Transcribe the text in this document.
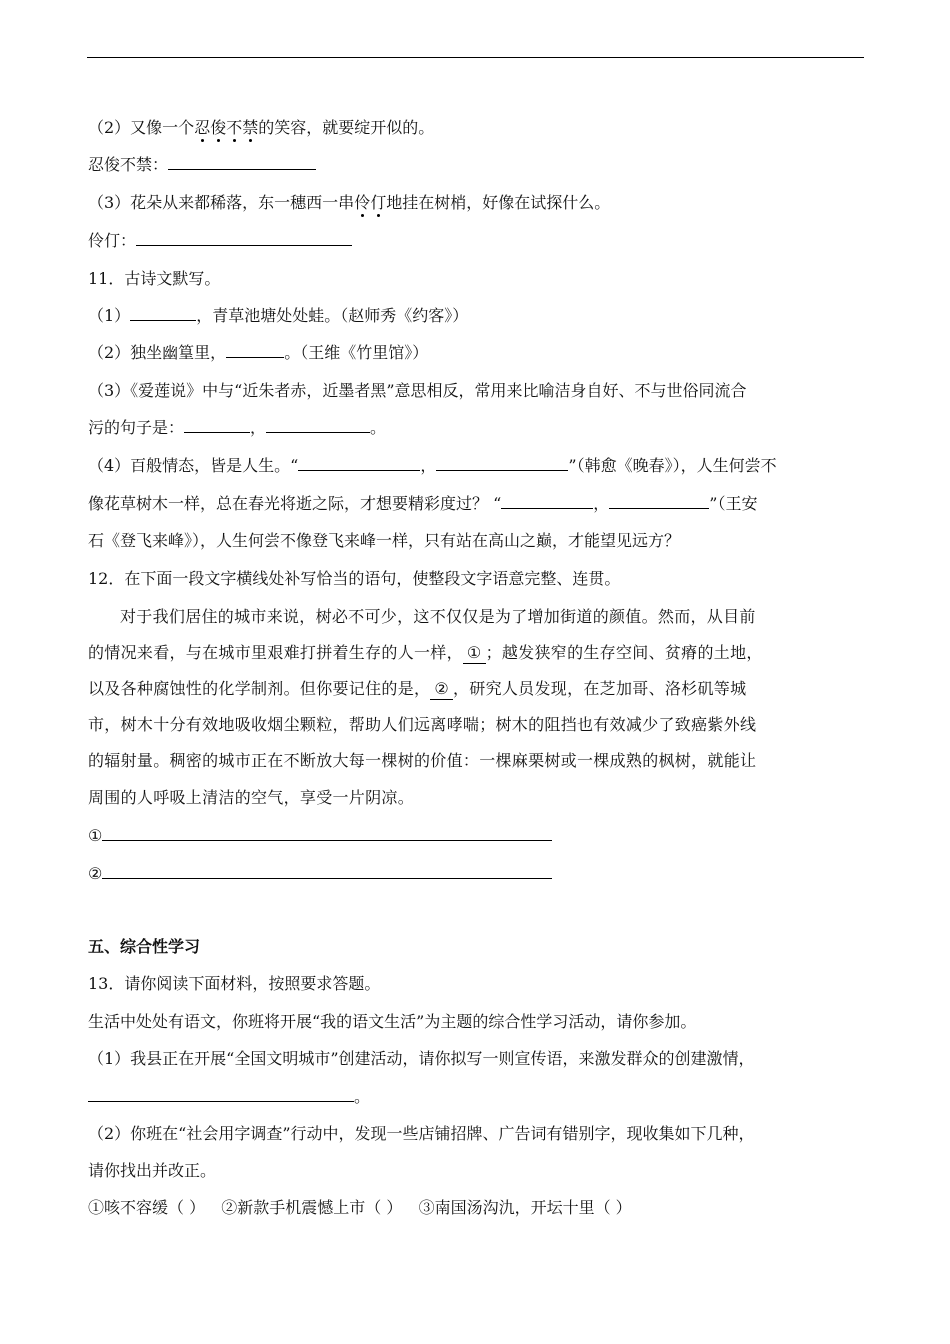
（2）又像一个忍俊不禁的笑容，就要绽开似的。
忍俊不禁：
（3）花朵从来都稀落，东一穗西一串伶仃地挂在树梢，好像在试探什么。
伶仃：
11．古诗文默写。
（1）	，青草池塘处处蛙。（赵师秀《约客》）
（2）独坐幽篁里，	。（王维《竹里馆》）
（3）《爱莲说》中与“近朱者赤，近墨者黑”意思相反，常用来比喻洁身自好、不与世俗同流合
污的句子是：	，	。
（4）百般情态，皆是人生。“	，	”（韩愈《晚春》），人生何尝不
像花草树木一样，总在春光将逝之际，才想要精彩度过？ “	，	”（王安
石《登飞来峰》），人生何尝不像登飞来峰一样，只有站在高山之巅，才能望见远方？
12．在下面一段文字横线处补写恰当的语句，使整段文字语意完整、连贯。
对于我们居住的城市来说，树必不可少，这不仅仅是为了增加街道的颜值。然而，从目前
的情况来看，与在城市里艰难打拼着生存的人一样， ① ；越发狭窄的生存空间、贫瘠的土地，
以及各种腐蚀性的化学制剂。但你要记住的是， ② ，研究人员发现，在芝加哥、洛杉矶等城
市，树木十分有效地吸收烟尘颗粒，帮助人们远离哮喘；树木的阻挡也有效减少了致癌紫外线
的辐射量。稠密的城市正在不断放大每一棵树的价值：一棵麻栗树或一棵成熟的枫树，就能让
周围的人呼吸上清洁的空气，享受一片阴凉。
①
②
五、综合性学习
13．请你阅读下面材料，按照要求答题。
生活中处处有语文，你班将开展“我的语文生活”为主题的综合性学习活动，请你参加。
（1）我县正在开展“全国文明城市”创建活动，请你拟写一则宣传语，来激发群众的创建激情，
。
（2）你班在“社会用字调查”行动中，发现一些店铺招牌、广告词有错别字，现收集如下几种，
请你找出并改正。
①咳不容缓（ ） ②新款手机震憾上市（ ） ③南国汤沟氿，开坛十里（ ）
